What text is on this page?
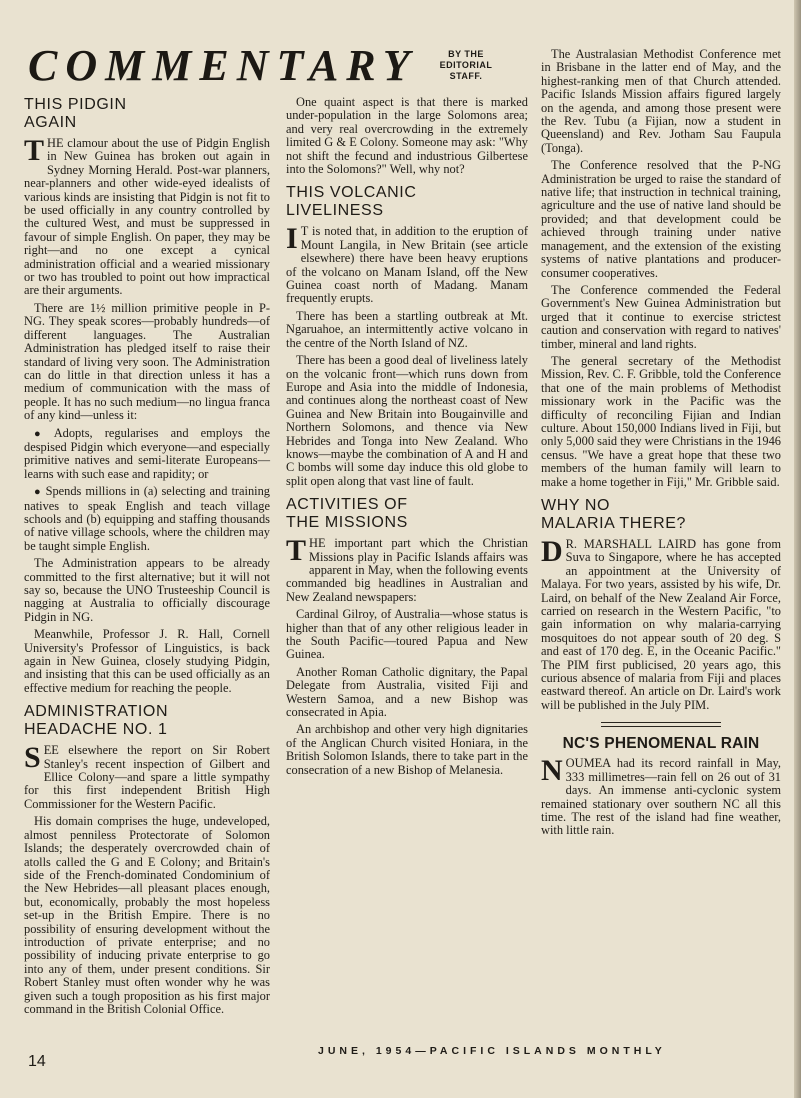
COMMENTARY	BY THE
EDITORIAL
STAFF.
THIS PIDGIN
AGAIN

THE clamour about the use of Pidgin English in New Guinea has broken out again in Sydney Morning Herald. Post-war planners, near-planners and other wide-eyed idealists of various kinds are insisting that Pidgin is not fit to be used officially in any country controlled by the cultured West, and must be suppressed in favour of simple English. On paper, they may be right—and no one except a cynical administration official and a wearied missionary or two has troubled to point out how impractical are their arguments.

There are 1½ million primitive people in P-NG. They speak scores—probably hundreds—of different languages. The Australian Administration has pledged itself to raise their standard of living very soon. The Administration can do little in that direction unless it has a medium of communication with the mass of people. It has no such medium—no lingua franca of any kind—unless it:

● Adopts, regularises and employs the despised Pidgin which everyone—and especially primitive natives and semi-literate Europeans—learns with such ease and rapidity; or

● Spends millions in (a) selecting and training natives to speak English and teach village schools and (b) equipping and staffing thousands of native village schools, where the children may be taught simple English.

The Administration appears to be already committed to the first alternative; but it will not say so, because the UNO Trusteeship Council is nagging at Australia to officially discourage Pidgin in NG.

Meanwhile, Professor J. R. Hall, Cornell University's Professor of Linguistics, is back again in New Guinea, closely studying Pidgin, and insisting that this can be used officially as an effective medium for reaching the people.

ADMINISTRATION
HEADACHE NO. 1

SEE elsewhere the report on Sir Robert Stanley's recent inspection of Gilbert and Ellice Colony—and spare a little sympathy for this first independent British High Commissioner for the Western Pacific.

His domain comprises the huge, undeveloped, almost penniless Protectorate of Solomon Islands; the desperately overcrowded chain of atolls called the G and E Colony; and Britain's side of the French-dominated Condominium of the New Hebrides—all pleasant places enough, but, economically, probably the most hopeless set-up in the British Empire. There is no possibility of ensuring development without the introduction of private enterprise; and no possibility of inducing private enterprise to go into any of them, under present conditions. Sir Robert Stanley must often wonder why he was given such a tough proposition as his first major command in the British Colonial Office.

One quaint aspect is that there is marked under-population in the large Solomons area; and very real overcrowding in the extremely limited G & E Colony. Someone may ask: "Why not shift the fecund and industrious Gilbertese into the Solomons?" Well, why not?

THIS VOLCANIC
LIVELINESS

I T is noted that, in addition to the eruption of Mount Langila, in New Britain (see article elsewhere) there have been heavy eruptions of the volcano on Manam Island, off the New Guinea coast north of Madang. Manam frequently erupts.

There has been a startling outbreak at Mt. Ngaruahoe, an intermittently active volcano in the centre of the North Island of NZ.

There has been a good deal of liveliness lately on the volcanic front—which runs down from Europe and Asia into the middle of Indonesia, and continues along the northeast coast of New Guinea and New Britain into Bougainville and Northern Solomons, and thence via New Hebrides and Tonga into New Zealand. Who knows—maybe the combination of A and H and C bombs will some day induce this old globe to split open along that vast line of fault.

ACTIVITIES OF
THE MISSIONS

THE important part which the Christian Missions play in Pacific Islands affairs was apparent in May, when the following events commanded big headlines in Australian and New Zealand newspapers:

Cardinal Gilroy, of Australia—whose status is higher than that of any other religious leader in the South Pacific—toured Papua and New Guinea.

Another Roman Catholic dignitary, the Papal Delegate from Australia, visited Fiji and Western Samoa, and a new Bishop was consecrated in Apia.

An archbishop and other very high dignitaries of the Anglican Church visited Honiara, in the British Solomon Islands, there to take part in the consecration of a new Bishop of Melanesia.

The Australasian Methodist Conference met in Brisbane in the latter end of May, and the highest-ranking men of that Church attended. Pacific Islands Mission affairs figured largely on the agenda, and among those present were the Rev. Tubu (a Fijian, now a student in Queensland) and Rev. Jotham Sau Faupula (Tonga).

The Conference resolved that the P-NG Administration be urged to raise the standard of native life; that instruction in technical training, agriculture and the use of native land should be provided; and that development could be achieved through training under native management, and the extension of the existing systems of native plantations and producer-consumer cooperatives.

The Conference commended the Federal Government's New Guinea Administration but urged that it continue to exercise strictest caution and conservation with regard to natives' timber, mineral and land rights.

The general secretary of the Methodist Mission, Rev. C. F. Gribble, told the Conference that one of the main problems of Methodist missionary work in the Pacific was the difficulty of reconciling Fijian and Indian culture. About 150,000 Indians lived in Fiji, but only 5,000 said they were Christians in the 1946 census. "We have a great hope that these two members of the human family will learn to make a home together in Fiji," Mr. Gribble said.

WHY NO
MALARIA THERE?

D R. MARSHALL LAIRD has gone from Suva to Singapore, where he has accepted an appointment at the University of Malaya. For two years, assisted by his wife, Dr. Laird, on behalf of the New Zealand Air Force, carried on research in the Western Pacific, "to gain information on why malaria-carrying mosquitoes do not appear south of 20 deg. S and east of 170 deg. E, in the Oceanic Pacific." The PIM first publicised, 20 years ago, this curious absence of malaria from Fiji and places eastward thereof. An article on Dr. Laird's work will be published in the July PIM.

NC'S PHENOMENAL RAIN

NOUMEA had its record rainfall in May, 333 millimetres—rain fell on 26 out of 31 days. An immense anti-cyclonic system remained stationary over southern NC all this time. The rest of the island had fine weather, with little rain.

14
JUNE, 1954—PACIFIC ISLANDS MONTHLY
